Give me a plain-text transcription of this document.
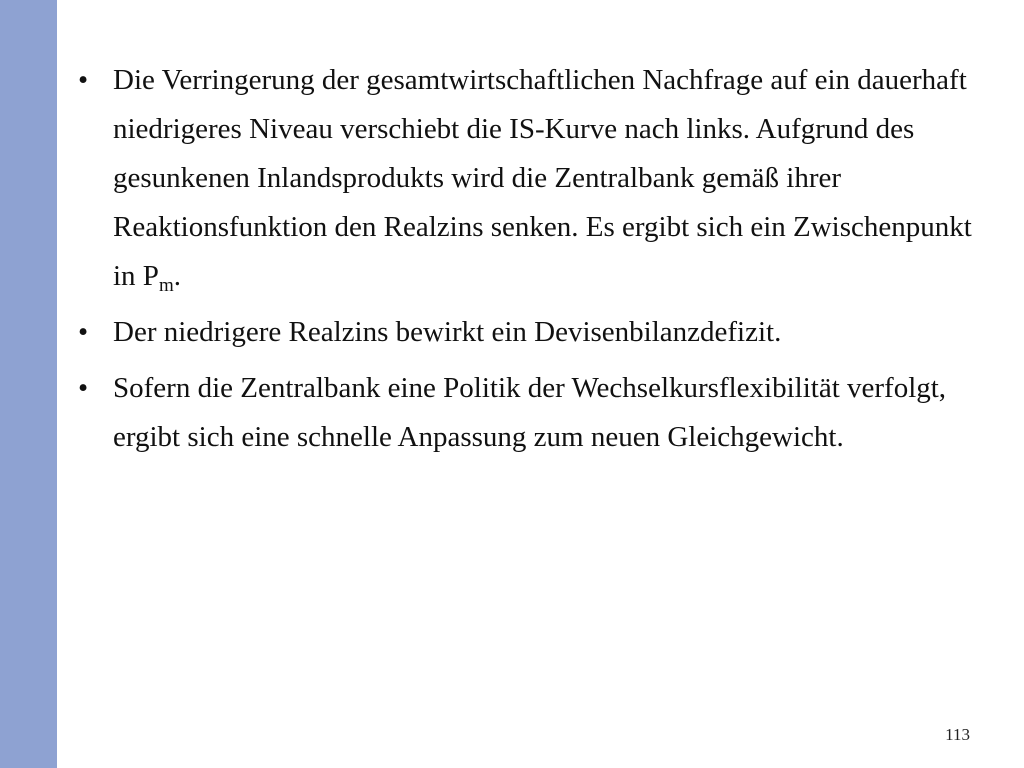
• Die Verringerung der gesamtwirtschaftlichen Nachfrage auf ein dauerhaft niedrigeres Niveau verschiebt die IS-Kurve nach links. Aufgrund des gesunkenen Inlandsprodukts wird die Zentralbank gemäß ihrer Reaktionsfunktion den Realzins senken. Es ergibt sich ein Zwischenpunkt in $P_m$.
• Der niedrigere Realzins bewirkt ein Devisenbilanzdefizit.
• Sofern die Zentralbank eine Politik der Wechselkursflexibilität verfolgt, ergibt sich eine schnelle Anpassung zum neuen Gleichgewicht.
113
